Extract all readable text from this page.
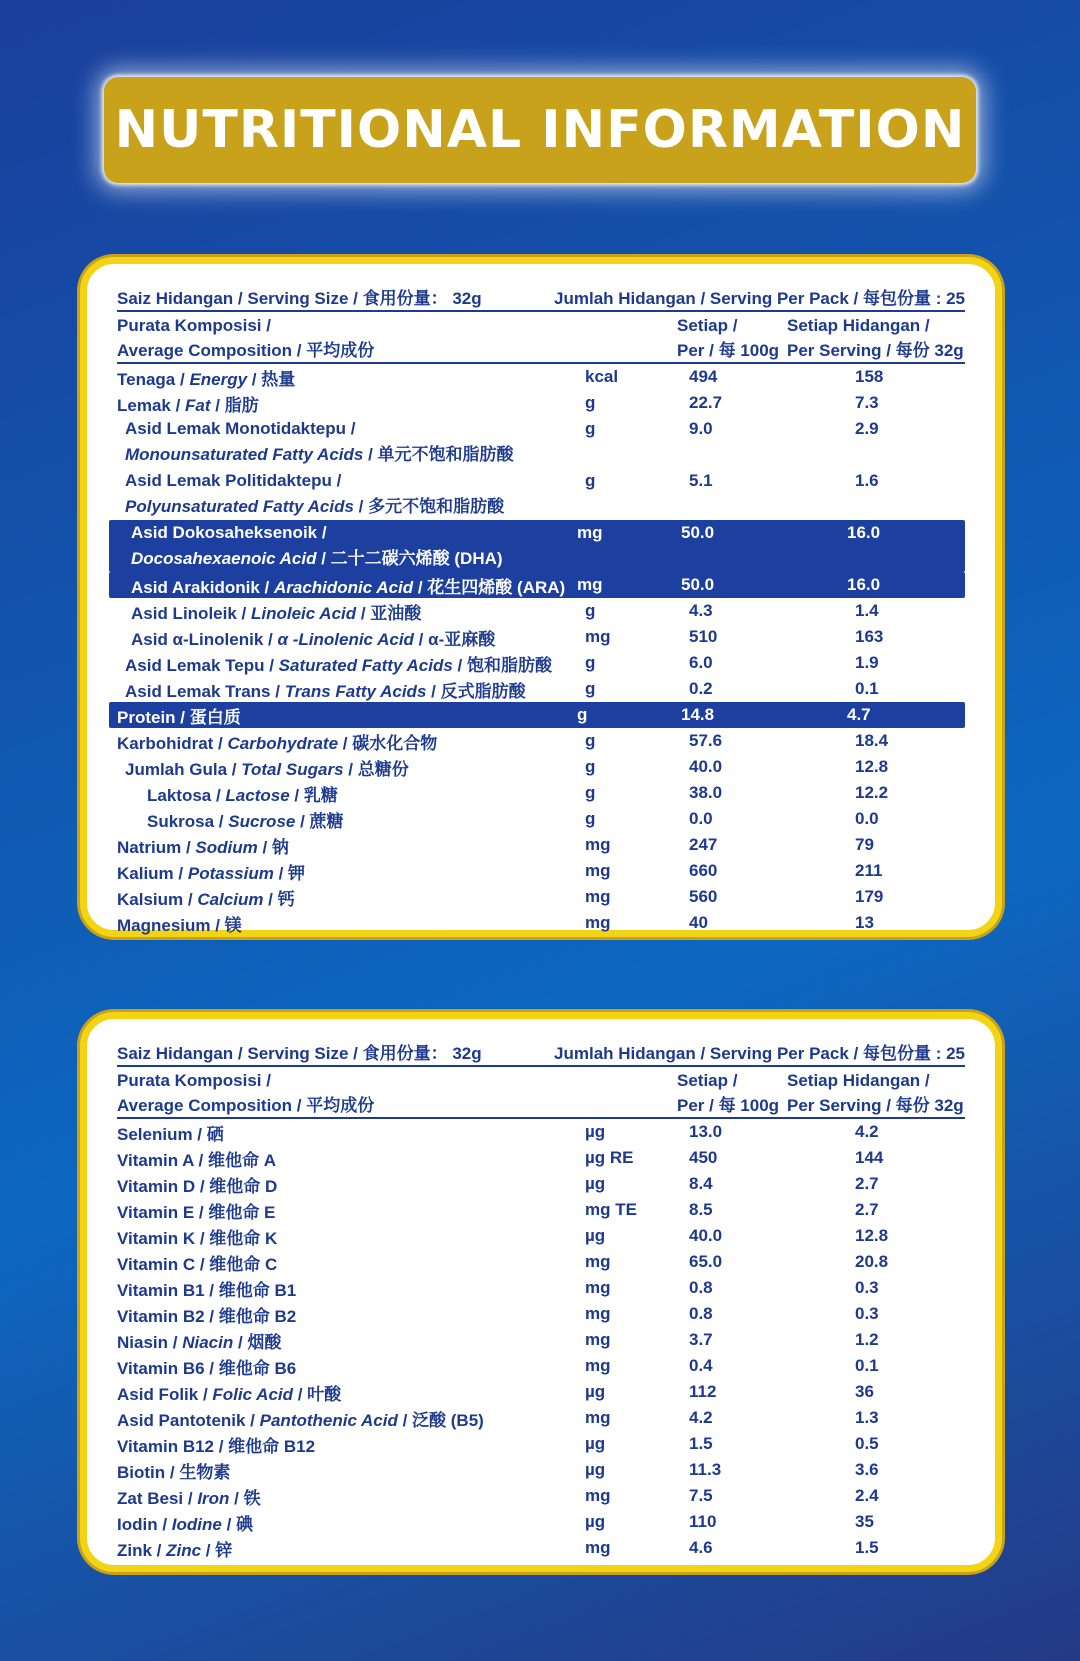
NUTRITIONAL INFORMATION
Saiz Hidangan / Serving Size / 食用份量： 32g	Jumlah Hidangan / Serving Per Pack / 每包份量 : 25
Purata Komposisi /
Average Composition / 平均成份
Setiap /
Per / 每 100g
Setiap Hidangan /
Per Serving / 每份 32g
Tenaga / Energy / 热量	kcal	494	158
Lemak / Fat / 脂肪	g	22.7	7.3
Asid Lemak Monotidaktepu /
Monounsaturated Fatty Acids / 单元不饱和脂肪酸
g	9.0	2.9
Asid Lemak Politidaktepu /
Polyunsaturated Fatty Acids / 多元不饱和脂肪酸
g	5.1	1.6
Asid Dokosaheksenoik /
Docosahexaenoic Acid / 二十二碳六烯酸 (DHA)
mg	50.0	16.0
Asid Arakidonik / Arachidonic Acid / 花生四烯酸 (ARA) mg	50.0	16.0
Asid Linoleik / Linoleic Acid / 亚油酸	g	4.3	1.4
Asid α-Linolenik / α -Linolenic Acid / α-亚麻酸	mg	510	163
Asid Lemak Tepu / Saturated Fatty Acids / 饱和脂肪酸	g	6.0	1.9
Asid Lemak Trans / Trans Fatty Acids / 反式脂肪酸	g	0.2	0.1
Protein / 蛋白质	g	14.8	4.7
Karbohidrat / Carbohydrate / 碳水化合物	g	57.6	18.4
Jumlah Gula / Total Sugars / 总糖份	g	40.0	12.8
Laktosa / Lactose / 乳糖	g	38.0	12.2
Sukrosa / Sucrose / 蔗糖	g	0.0	0.0
Natrium / Sodium / 钠	mg	247	79
Kalium / Potassium / 钾	mg	660	211
Kalsium / Calcium / 钙	mg	560	179
Magnesium / 镁	mg	40	13
Saiz Hidangan / Serving Size / 食用份量： 32g	Jumlah Hidangan / Serving Per Pack / 每包份量 : 25
Purata Komposisi /
Average Composition / 平均成份
Setiap /
Per / 每 100g
Setiap Hidangan /
Per Serving / 每份 32g
Selenium / 硒	µg	13.0	4.2
Vitamin A / 维他命 A	µg RE	450	144
Vitamin D / 维他命 D	µg	8.4	2.7
Vitamin E / 维他命 E	mg TE	8.5	2.7
Vitamin K / 维他命 K	µg	40.0	12.8
Vitamin C / 维他命 C	mg	65.0	20.8
Vitamin B1 / 维他命 B1	mg	0.8	0.3
Vitamin B2 / 维他命 B2	mg	0.8	0.3
Niasin / Niacin / 烟酸	mg	3.7	1.2
Vitamin B6 / 维他命 B6	mg	0.4	0.1
Asid Folik / Folic Acid / 叶酸	µg	112	36
Asid Pantotenik / Pantothenic Acid / 泛酸 (B5)	mg	4.2	1.3
Vitamin B12 / 维他命 B12	µg	1.5	0.5
Biotin / 生物素	µg	11.3	3.6
Zat Besi / Iron / 铁	mg	7.5	2.4
Iodin / Iodine / 碘	µg	110	35
Zink / Zinc / 锌	mg	4.6	1.5
